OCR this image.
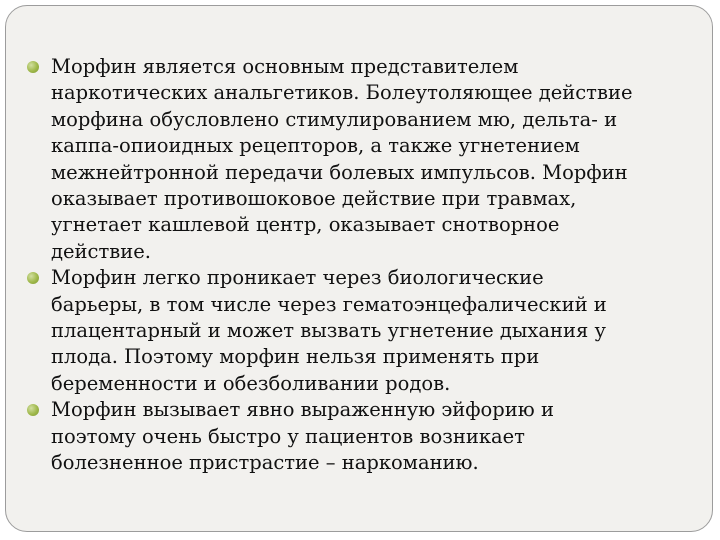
Морфин является основным представителем
наркотических анальгетиков. Болеутоляющее действие
морфина обусловлено стимулированием мю, дельта- и
каппа-опиоидных рецепторов, а также угнетением
межнейтронной передачи болевых импульсов. Морфин
оказывает противошоковое действие при травмах,
угнетает кашлевой центр, оказывает снотворное
действие.
Морфин легко проникает через биологические
барьеры, в том числе через гематоэнцефалический и
плацентарный и может вызвать угнетение дыхания у
плода. Поэтому морфин нельзя применять при
беременности и обезболивании родов.
Морфин вызывает явно выраженную эйфорию и
поэтому очень быстро у пациентов возникает
болезненное пристрастие – наркоманию.
